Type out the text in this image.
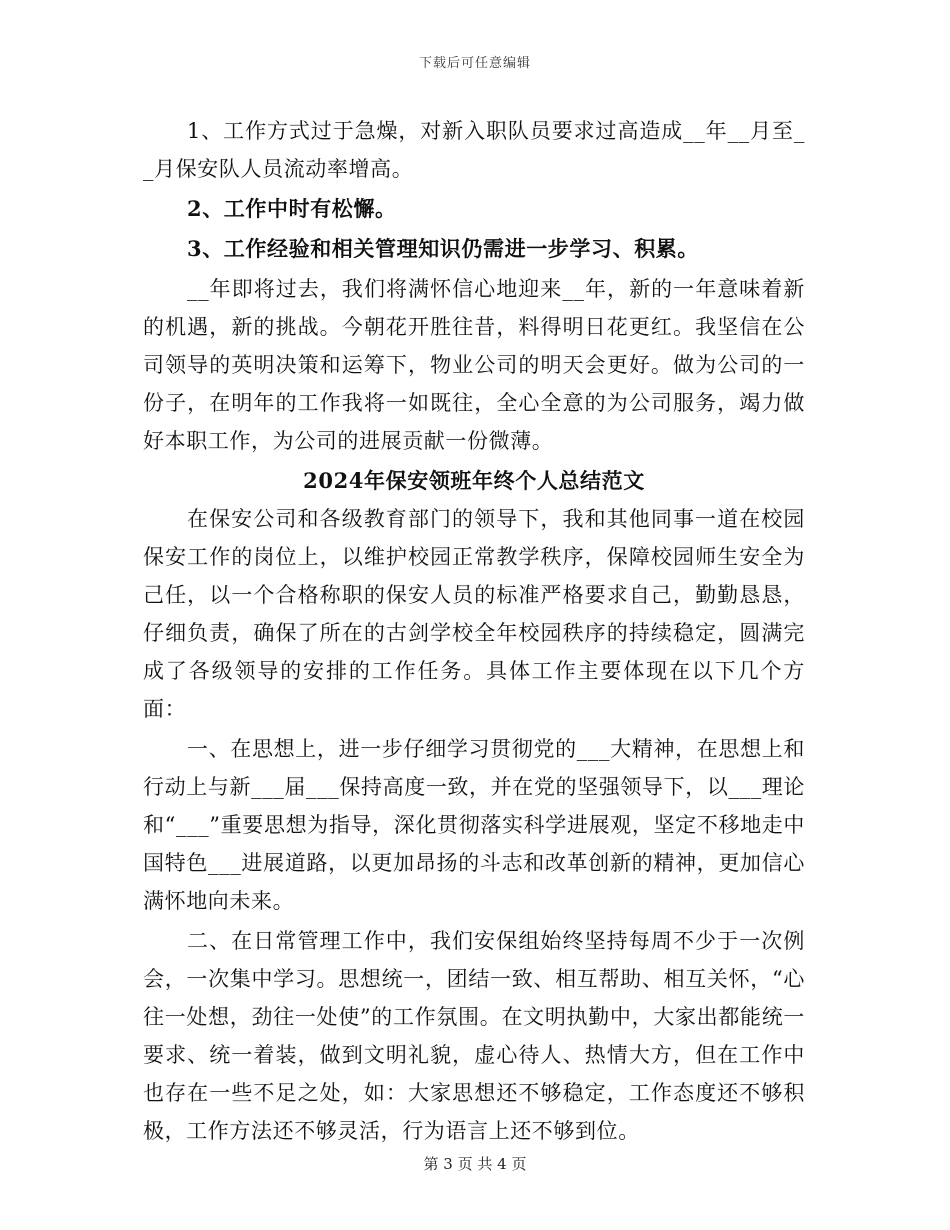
下载后可任意编辑

1、工作方式过于急燥，对新入职队员要求过高造成__年__月至__月保安队人员流动率增高。

2、工作中时有松懈。

3、工作经验和相关管理知识仍需进一步学习、积累。

__年即将过去，我们将满怀信心地迎来__年，新的一年意味着新的机遇，新的挑战。今朝花开胜往昔，料得明日花更红。我坚信在公司领导的英明决策和运筹下，物业公司的明天会更好。做为公司的一份子，在明年的工作我将一如既往，全心全意的为公司服务，竭力做好本职工作，为公司的进展贡献一份微薄。

2024年保安领班年终个人总结范文

在保安公司和各级教育部门的领导下，我和其他同事一道在校园保安工作的岗位上，以维护校园正常教学秩序，保障校园师生安全为己任，以一个合格称职的保安人员的标准严格要求自己，勤勤恳恳，仔细负责，确保了所在的古剑学校全年校园秩序的持续稳定，圆满完成了各级领导的安排的工作任务。具体工作主要体现在以下几个方面：

一、在思想上，进一步仔细学习贯彻党的___大精神，在思想上和行动上与新___届___保持高度一致，并在党的坚强领导下，以___理论和“___”重要思想为指导，深化贯彻落实科学进展观，坚定不移地走中国特色___进展道路，以更加昂扬的斗志和改革创新的精神，更加信心满怀地向未来。

二、在日常管理工作中，我们安保组始终坚持每周不少于一次例会，一次集中学习。思想统一，团结一致、相互帮助、相互关怀，“心往一处想，劲往一处使”的工作氛围。在文明执勤中，大家出都能统一要求、统一着装，做到文明礼貌，虚心待人、热情大方，但在工作中也存在一些不足之处，如：大家思想还不够稳定，工作态度还不够积极，工作方法还不够灵活，行为语言上还不够到位。

第 3 页 共 4 页
